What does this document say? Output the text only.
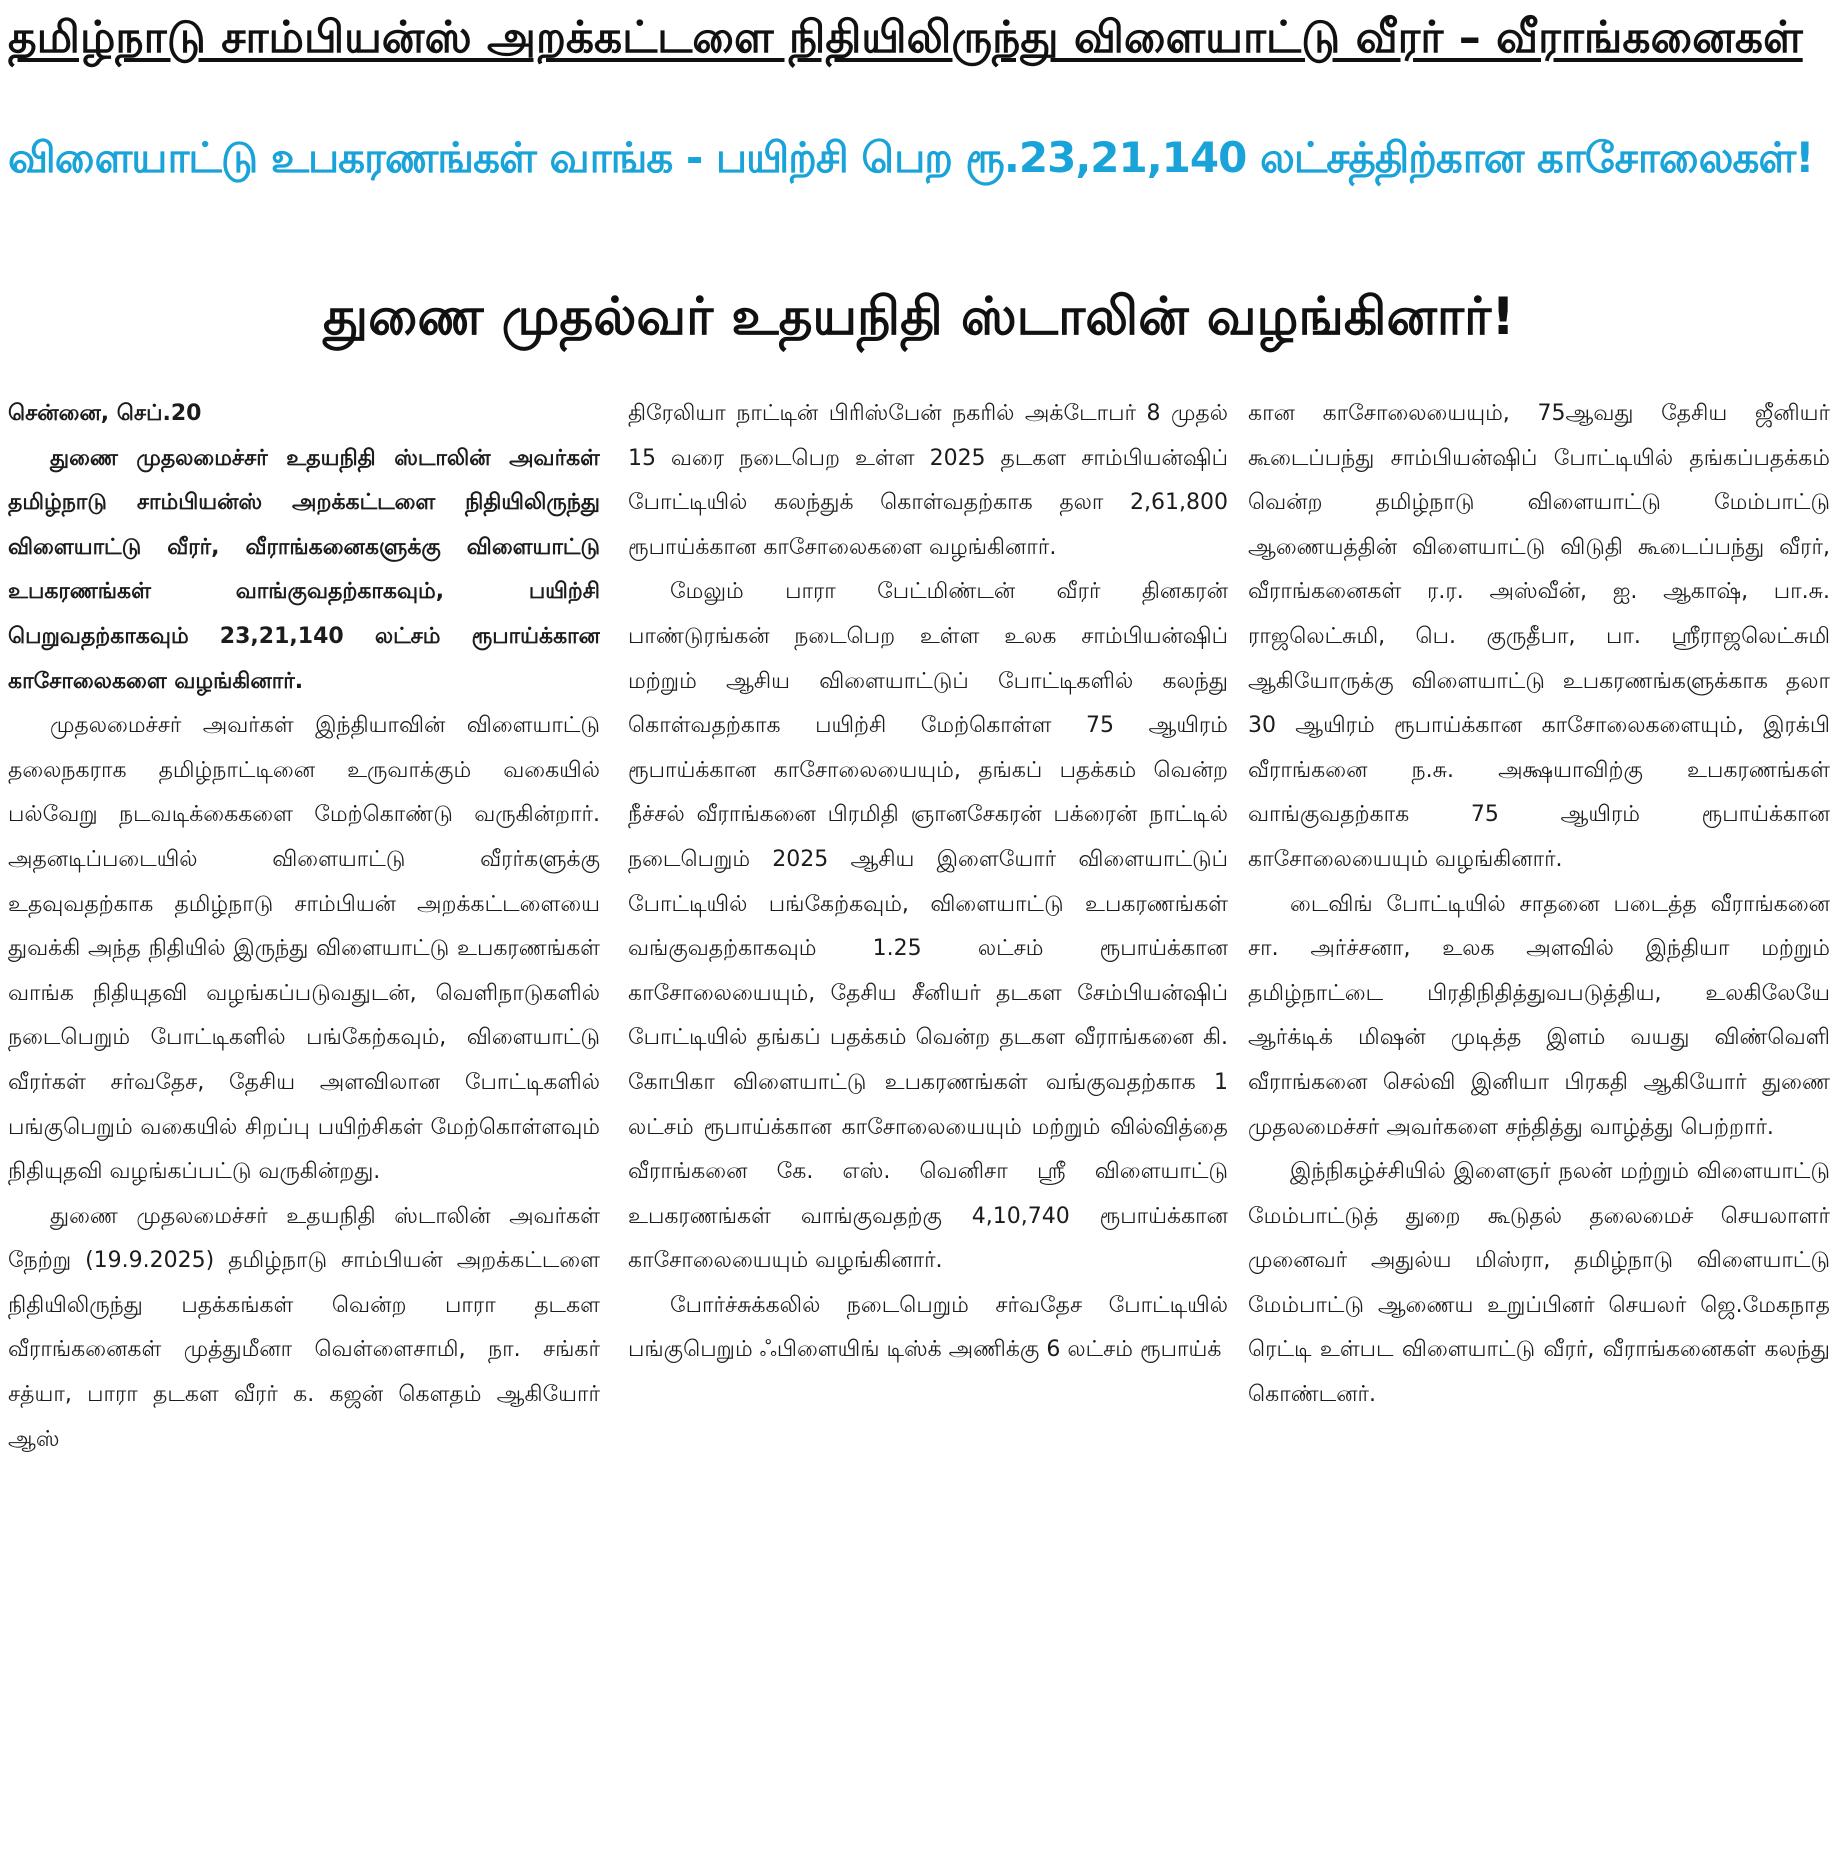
தமிழ்நாடு சாம்பியன்ஸ் அறக்கட்டளை நிதியிலிருந்து விளையாட்டு வீரர் – வீராங்கனைகள்
விளையாட்டு உபகரணங்கள் வாங்க - பயிற்சி பெற ரூ.23,21,140 லட்சத்திற்கான காசோலைகள்!
துணை முதல்வர் உதயநிதி ஸ்டாலின் வழங்கினார்!

சென்னை, செப்.20

துணை முதலமைச்சர் உதயநிதி ஸ்டாலின் அவர்கள் தமிழ்நாடு சாம்பியன்ஸ் அறக்கட்டளை நிதியிலிருந்து விளையாட்டு வீரர், வீராங்கனைகளுக்கு விளையாட்டு உபகரணங்கள் வாங்குவதற்காகவும், பயிற்சி பெறுவதற்காகவும் 23,21,140 லட்சம் ரூபாய்க்கான காசோலைகளை வழங்கினார்.

முதலமைச்சர் அவர்கள் இந்தியாவின் விளையாட்டு தலைநகராக தமிழ்நாட்டினை உருவாக்கும் வகையில் பல்வேறு நடவடிக்கைகளை மேற்கொண்டு வருகின்றார். அதனடிப்படையில் விளையாட்டு வீரர்களுக்கு உதவுவதற்காக தமிழ்நாடு சாம்பியன் அறக்கட்டளையை துவக்கி அந்த நிதியில் இருந்து விளையாட்டு உபகரணங்கள் வாங்க நிதியுதவி வழங்கப்படுவதுடன், வெளிநாடுகளில் நடைபெறும் போட்டிகளில் பங்கேற்கவும், விளையாட்டு வீரர்கள் சர்வதேச, தேசிய அளவிலான போட்டிகளில் பங்குபெறும் வகையில் சிறப்பு பயிற்சிகள் மேற்கொள்ளவும் நிதியுதவி வழங்கப்பட்டு வருகின்றது.

துணை முதலமைச்சர் உதயநிதி ஸ்டாலின் அவர்கள் நேற்று (19.9.2025) தமிழ்நாடு சாம்பியன் அறக்கட்டளை நிதியிலிருந்து பதக்கங்கள் வென்ற பாரா தடகள வீராங்கனைகள் முத்துமீனா வெள்ளைசாமி, நா. சங்கர் சத்யா, பாரா தடகள வீரர் க. கஜன் கௌதம் ஆகியோர் ஆஸ்

திரேலியா நாட்டின் பிரிஸ்பேன் நகரில் அக்டோபர் 8 முதல் 15 வரை நடைபெற உள்ள 2025 தடகள சாம்பியன்ஷிப் போட்டியில் கலந்துக் கொள்வதற்காக தலா 2,61,800 ரூபாய்க்கான காசோலைகளை வழங்கினார்.

மேலும் பாரா பேட்மிண்டன் வீரர் தினகரன் பாண்டுரங்கன் நடைபெற உள்ள உலக சாம்பியன்ஷிப் மற்றும் ஆசிய விளையாட்டுப் போட்டிகளில் கலந்து கொள்வதற்காக பயிற்சி மேற்கொள்ள 75 ஆயிரம் ரூபாய்க்கான காசோலையையும், தங்கப் பதக்கம் வென்ற நீச்சல் வீராங்கனை பிரமிதி ஞானசேகரன் பக்ரைன் நாட்டில் நடைபெறும் 2025 ஆசிய இளையோர் விளையாட்டுப் போட்டியில் பங்கேற்கவும், விளையாட்டு உபகரணங்கள் வங்குவதற்காகவும் 1.25 லட்சம் ரூபாய்க்கான காசோலையையும், தேசிய சீனியர் தடகள சேம்பியன்ஷிப் போட்டியில் தங்கப் பதக்கம் வென்ற தடகள வீராங்கனை கி. கோபிகா விளையாட்டு உபகரணங்கள் வங்குவதற்காக 1 லட்சம் ரூபாய்க்கான காசோலையையும் மற்றும் வில்வித்தை வீராங்கனை கே. எஸ். வெனிசா ஸ்ரீ விளையாட்டு உபகரணங்கள் வாங்குவதற்கு 4,10,740 ரூபாய்க்கான காசோலையையும் வழங்கினார்.

போர்ச்சுக்கலில் நடைபெறும் சர்வதேச போட்டியில் பங்குபெறும் ஃபிளையிங் டிஸ்க் அணிக்கு 6 லட்சம் ரூபாய்க்

கான காசோலையையும், 75ஆவது தேசிய ஜீனியர் கூடைப்பந்து சாம்பியன்ஷிப் போட்டியில் தங்கப்பதக்கம் வென்ற தமிழ்நாடு விளையாட்டு மேம்பாட்டு ஆணையத்தின் விளையாட்டு விடுதி கூடைப்பந்து வீரர், வீராங்கனைகள் ர.ர. அஸ்வீன், ஐ. ஆகாஷ், பா.சு. ராஜலெட்சுமி, பெ. குருதீபா, பா. ஸ்ரீராஜலெட்சுமி ஆகியோருக்கு விளையாட்டு உபகரணங்களுக்காக தலா 30 ஆயிரம் ரூபாய்க்கான காசோலைகளையும், இரக்பி வீராங்கனை ந.சு. அக்ஷயாவிற்கு உபகரணங்கள் வாங்குவதற்காக 75 ஆயிரம் ரூபாய்க்கான காசோலையையும் வழங்கினார்.

டைவிங் போட்டியில் சாதனை படைத்த வீராங்கனை சா. அர்ச்சனா, உலக அளவில் இந்தியா மற்றும் தமிழ்நாட்டை பிரதிநிதித்துவபடுத்திய, உலகிலேயே ஆர்க்டிக் மிஷன் முடித்த இளம் வயது விண்வெளி வீராங்கனை செல்வி இனியா பிரகதி ஆகியோர் துணை முதலமைச்சர் அவர்களை சந்தித்து வாழ்த்து பெற்றார்.

இந்நிகழ்ச்சியில் இளைஞர் நலன் மற்றும் விளையாட்டு மேம்பாட்டுத் துறை கூடுதல் தலைமைச் செயலாளர் முனைவர் அதுல்ய மிஸ்ரா, தமிழ்நாடு விளையாட்டு மேம்பாட்டு ஆணைய உறுப்பினர் செயலர் ஜெ.மேகநாத ரெட்டி உள்பட விளையாட்டு வீரர், வீராங்கனைகள் கலந்து கொண்டனர்.
